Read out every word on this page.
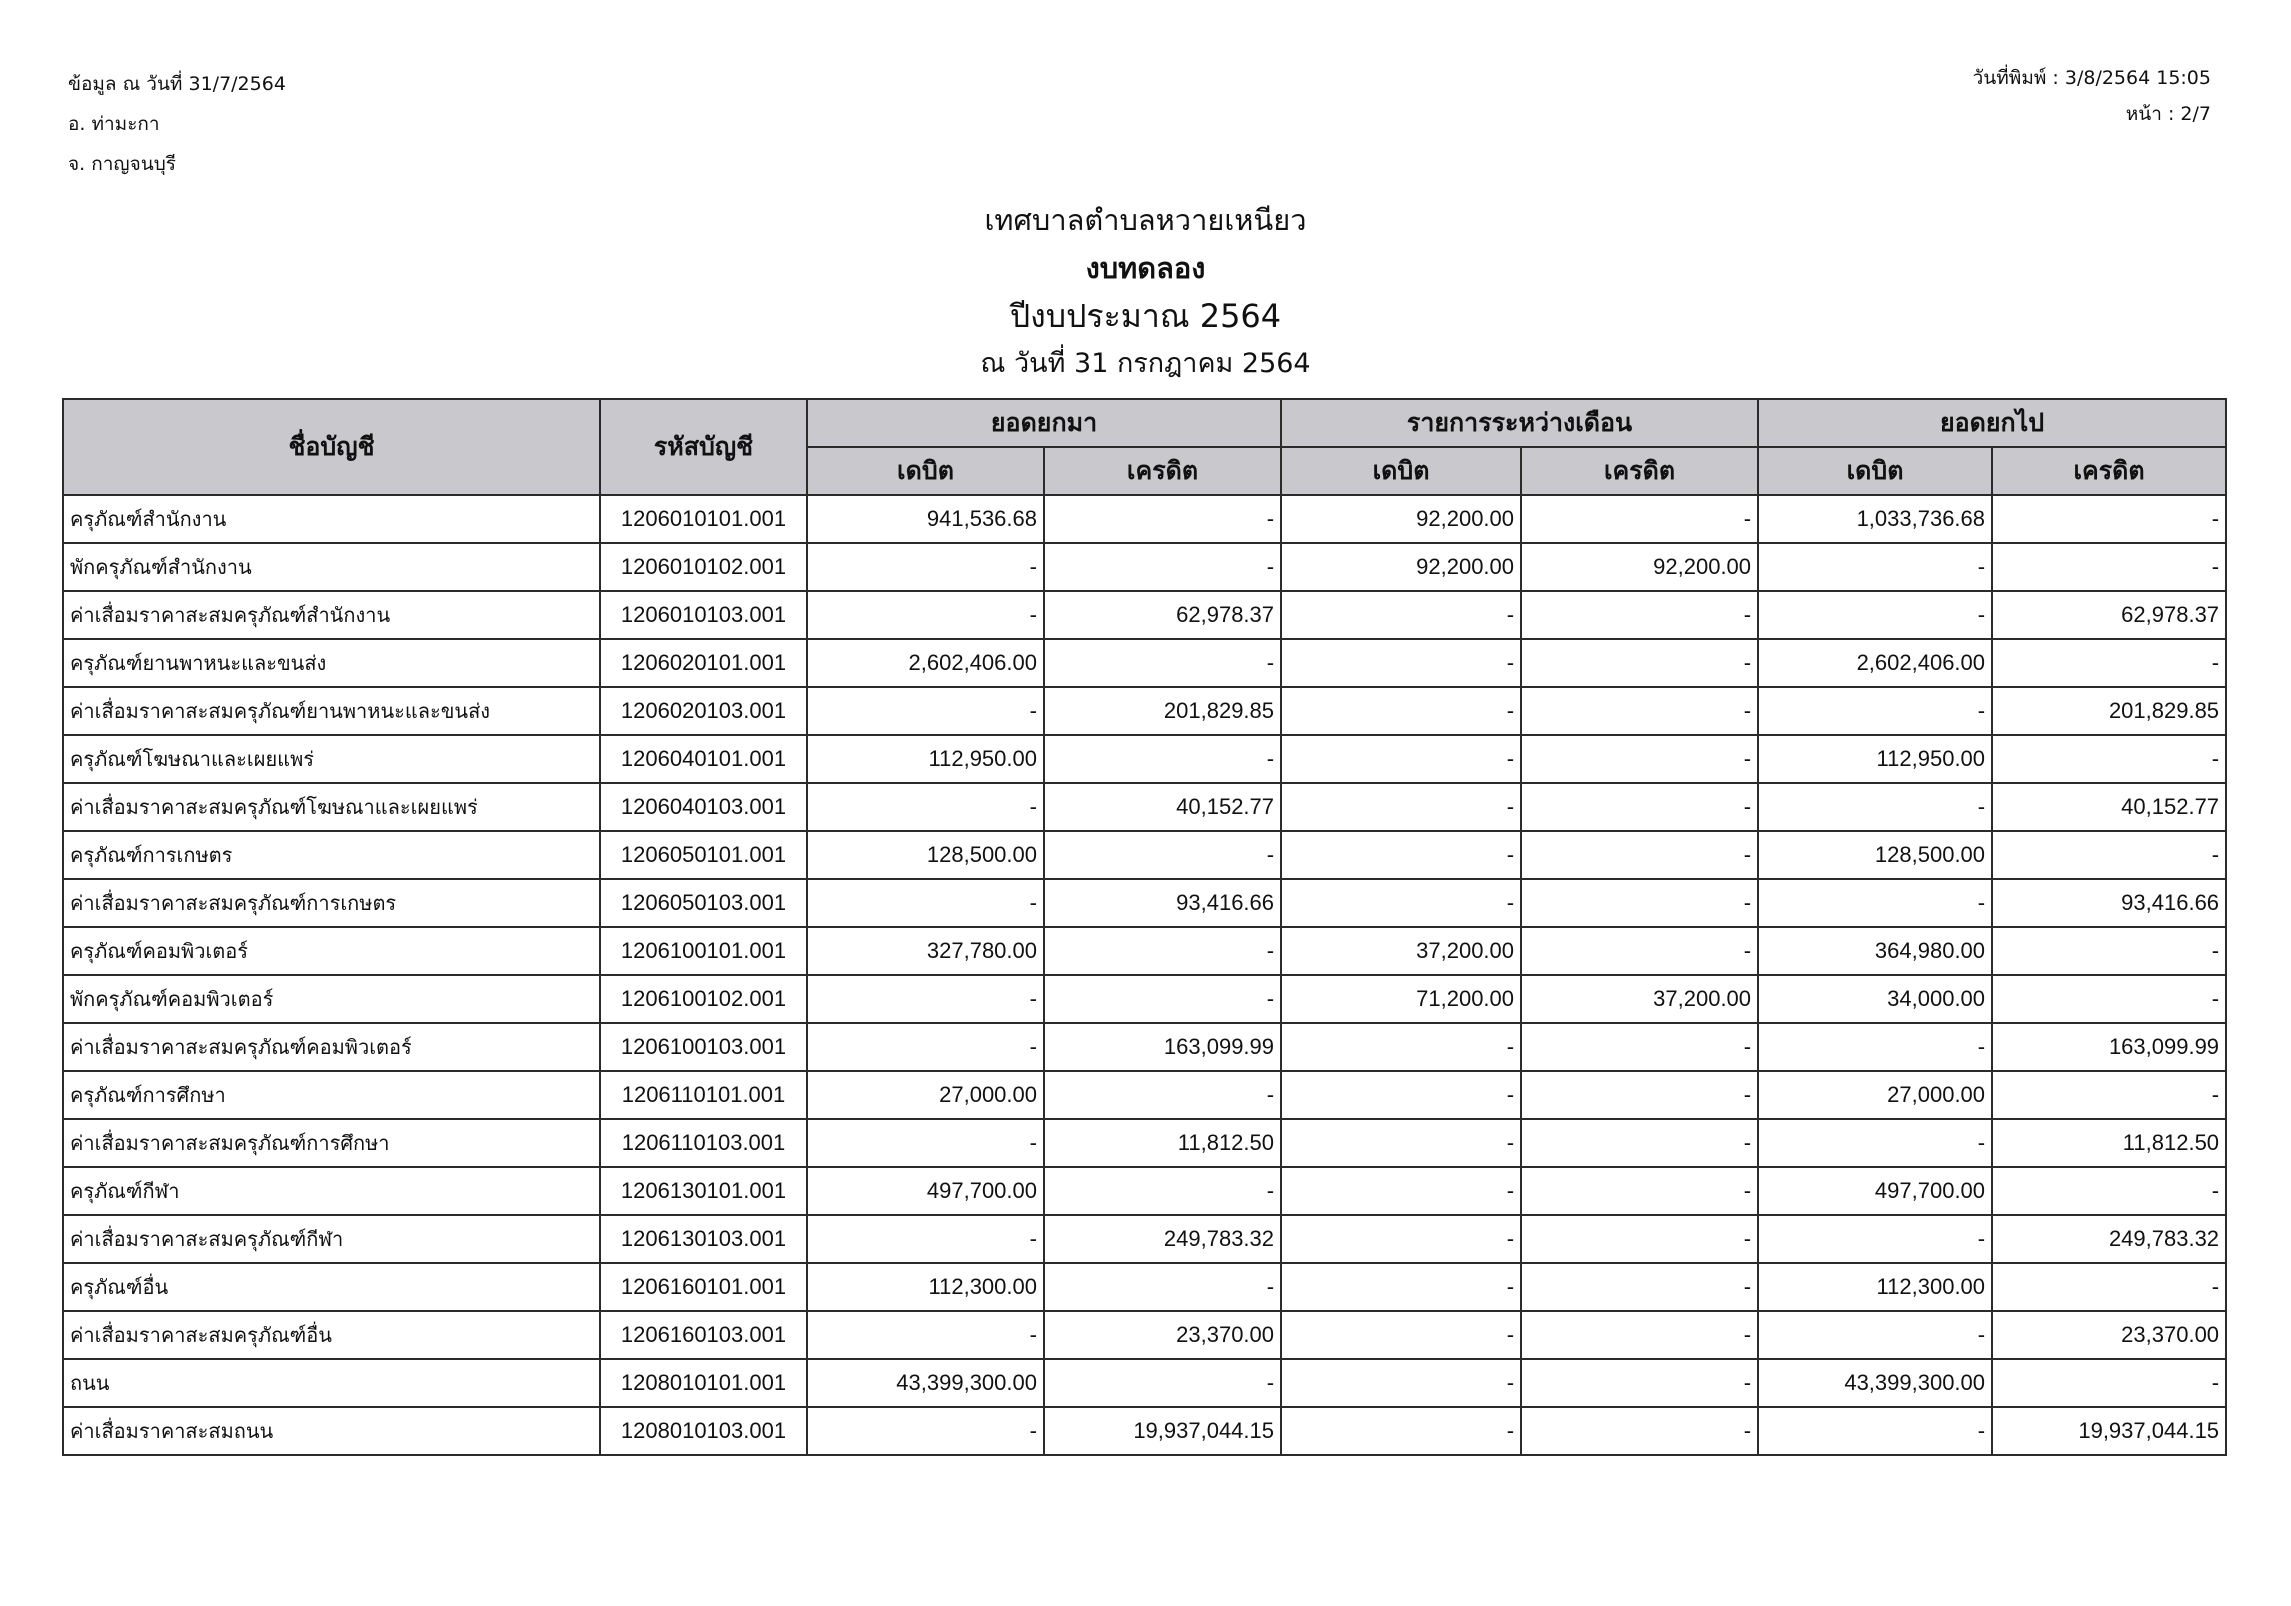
ข้อมูล ณ วันที่ 31/7/2564
อ. ท่ามะกา
จ. กาญจนบุรี
วันที่พิมพ์ : 3/8/2564 15:05
หน้า : 2/7
เทศบาลตำบลหวายเหนียว
งบทดลอง
ปีงบประมาณ 2564
ณ วันที่ 31 กรกฎาคม 2564
ชื่อบัญชี	รหัสบัญชี	ยอดยกมา		รายการระหว่างเดือน		ยอดยกไป	
		เดบิต	เครดิต	เดบิต	เครดิต	เดบิต	เครดิต
ครุภัณฑ์สำนักงาน	1206010101.001	941,536.68	-	92,200.00	-	1,033,736.68	-
พักครุภัณฑ์สำนักงาน	1206010102.001	-	-	92,200.00	92,200.00	-	-
ค่าเสื่อมราคาสะสมครุภัณฑ์สำนักงาน	1206010103.001	-	62,978.37	-	-	-	62,978.37
ครุภัณฑ์ยานพาหนะและขนส่ง	1206020101.001	2,602,406.00	-	-	-	2,602,406.00	-
ค่าเสื่อมราคาสะสมครุภัณฑ์ยานพาหนะและขนส่ง	1206020103.001	-	201,829.85	-	-	-	201,829.85
ครุภัณฑ์โฆษณาและเผยแพร่	1206040101.001	112,950.00	-	-	-	112,950.00	-
ค่าเสื่อมราคาสะสมครุภัณฑ์โฆษณาและเผยแพร่	1206040103.001	-	40,152.77	-	-	-	40,152.77
ครุภัณฑ์การเกษตร	1206050101.001	128,500.00	-	-	-	128,500.00	-
ค่าเสื่อมราคาสะสมครุภัณฑ์การเกษตร	1206050103.001	-	93,416.66	-	-	-	93,416.66
ครุภัณฑ์คอมพิวเตอร์	1206100101.001	327,780.00	-	37,200.00	-	364,980.00	-
พักครุภัณฑ์คอมพิวเตอร์	1206100102.001	-	-	71,200.00	37,200.00	34,000.00	-
ค่าเสื่อมราคาสะสมครุภัณฑ์คอมพิวเตอร์	1206100103.001	-	163,099.99	-	-	-	163,099.99
ครุภัณฑ์การศึกษา	1206110101.001	27,000.00	-	-	-	27,000.00	-
ค่าเสื่อมราคาสะสมครุภัณฑ์การศึกษา	1206110103.001	-	11,812.50	-	-	-	11,812.50
ครุภัณฑ์กีฬา	1206130101.001	497,700.00	-	-	-	497,700.00	-
ค่าเสื่อมราคาสะสมครุภัณฑ์กีฬา	1206130103.001	-	249,783.32	-	-	-	249,783.32
ครุภัณฑ์อื่น	1206160101.001	112,300.00	-	-	-	112,300.00	-
ค่าเสื่อมราคาสะสมครุภัณฑ์อื่น	1206160103.001	-	23,370.00	-	-	-	23,370.00
ถนน	1208010101.001	43,399,300.00	-	-	-	43,399,300.00	-
ค่าเสื่อมราคาสะสมถนน	1208010103.001	-	19,937,044.15	-	-	-	19,937,044.15
